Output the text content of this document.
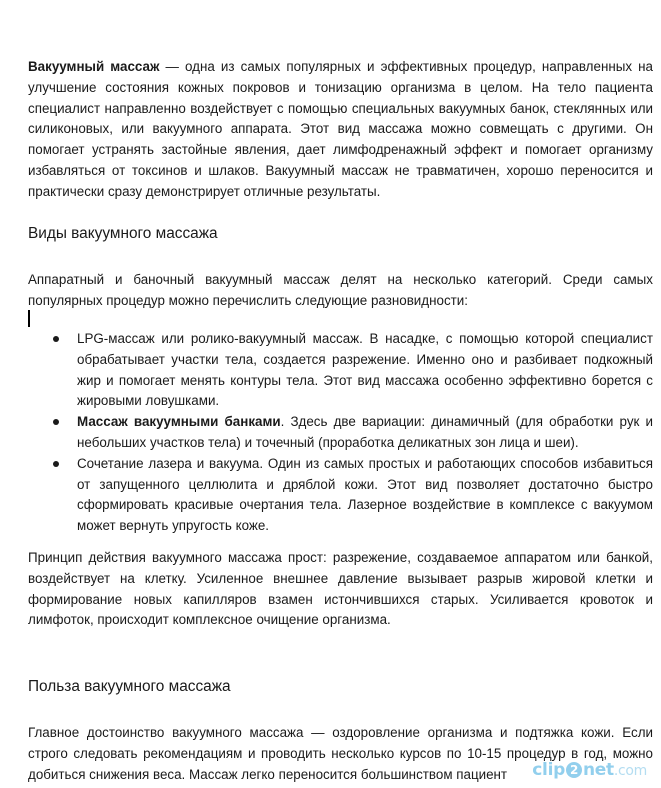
Вакуумный массаж — одна из самых популярных и эффективных процедур, направленных на улучшение состояния кожных покровов и тонизацию организма в целом. На тело пациента специалист направленно воздействует с помощью специальных вакуумных банок, стеклянных или силиконовых, или вакуумного аппарата. Этот вид массажа можно совмещать с другими. Он помогает устранять застойные явления, дает лимфодренажный эффект и помогает организму избавляться от токсинов и шлаков. Вакуумный массаж не травматичен, хорошо переносится и практически сразу демонстрирует отличные результаты.

Виды вакуумного массажа

Аппаратный и баночный вакуумный массаж делят на несколько категорий. Среди самых популярных процедур можно перечислить следующие разновидности:

LPG-массаж или ролико-вакуумный массаж. В насадке, с помощью которой специалист обрабатывает участки тела, создается разрежение. Именно оно и разбивает подкожный жир и помогает менять контуры тела. Этот вид массажа особенно эффективно борется с жировыми ловушками.
Массаж вакуумными банками. Здесь две вариации: динамичный (для обработки рук и небольших участков тела) и точечный (проработка деликатных зон лица и шеи).
Сочетание лазера и вакуума. Один из самых простых и работающих способов избавиться от запущенного целлюлита и дряблой кожи. Этот вид позволяет достаточно быстро сформировать красивые очертания тела. Лазерное воздействие в комплексе с вакуумом может вернуть упругость коже.

Принцип действия вакуумного массажа прост: разрежение, создаваемое аппаратом или банкой, воздействует на клетку. Усиленное внешнее давление вызывает разрыв жировой клетки и формирование новых капилляров взамен истончившихся старых. Усиливается кровоток и лимфоток, происходит комплексное очищение организма.

Польза вакуумного массажа

Главное достоинство вакуумного массажа — оздоровление организма и подтяжка кожи. Если строго следовать рекомендациям и проводить несколько курсов по 10-15 процедур в год, можно добиться снижения веса. Массаж легко переносится большинством пациент	clip 2 net.com
